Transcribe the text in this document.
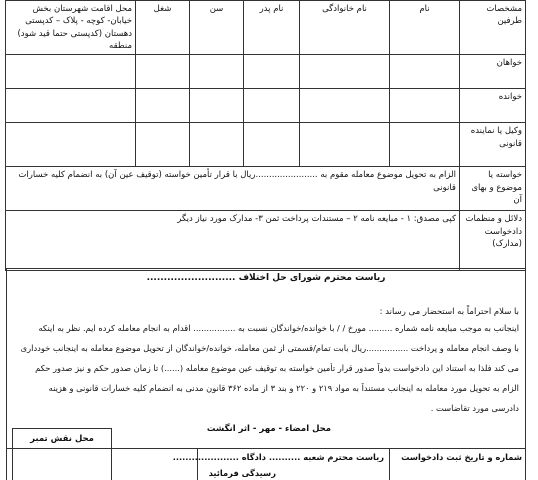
مشخصات طرفین	نام	نام خانوادگی	نام پدر	سن	شغل	محل اقامت شهرستان بخش خیابان- کوچه - پلاک – کدپستی دهستان (کدپستی حتما قید شود) منطقه
خواهان						
خوانده						
وکیل یا نماینده قانونی						
خواسته یا موضوع و بهای آن	الزام به تحویل موضوع معامله مقوم به .......................ریال با قرار تأمین خواسته (توقیف عین آن) به انضمام کلیه خسارات قانونی					
دلائل و منظمات دادخواست (مدارک)	کپی مصدق: ۱ - مبایعه نامه ۲ – مستندات پرداخت ثمن ۳- مدارک مورد نیاز دیگر					
ریاست محترم شورای حل اختلاف ..........................
با سلام احتراماً به استحضار می رساند :
اینجانب به موجب مبایعه نامه شماره ......... مورخ / / با خوانده/خواندگان نسبت به ................ اقدام به انجام معامله کرده ایم. نظر به اینکه
با وصف انجام معامله و پرداخت ................ریال بابت تمام/قسمتی از ثمن معامله، خوانده/خواندگان از تحویل موضوع معامله به اینجانب خودداری
می کند فلذا به استناد این دادخواست بدواً صدور قرار تأمین خواسته به توقیف عین موضوع معامله (......) تا زمان صدور حکم و نیز صدور حکم
الزام به تحویل مورد معامله به اینجانب مستنداً به مواد ۲۱۹ و ۲۲۰ و بند ۳ از ماده ۳۶۲ قانون مدنی به انضمام کلیه خسارات قانونی و هزینه
دادرسی مورد تقاضاست .
محل امضاء - مهر - اثر انگشت
محل نقش تمبر
شماره و تاریخ ثبت دادخواست
ریاست محترم شعبه .......... دادگاه .....................
رسیدگی فرمائید
